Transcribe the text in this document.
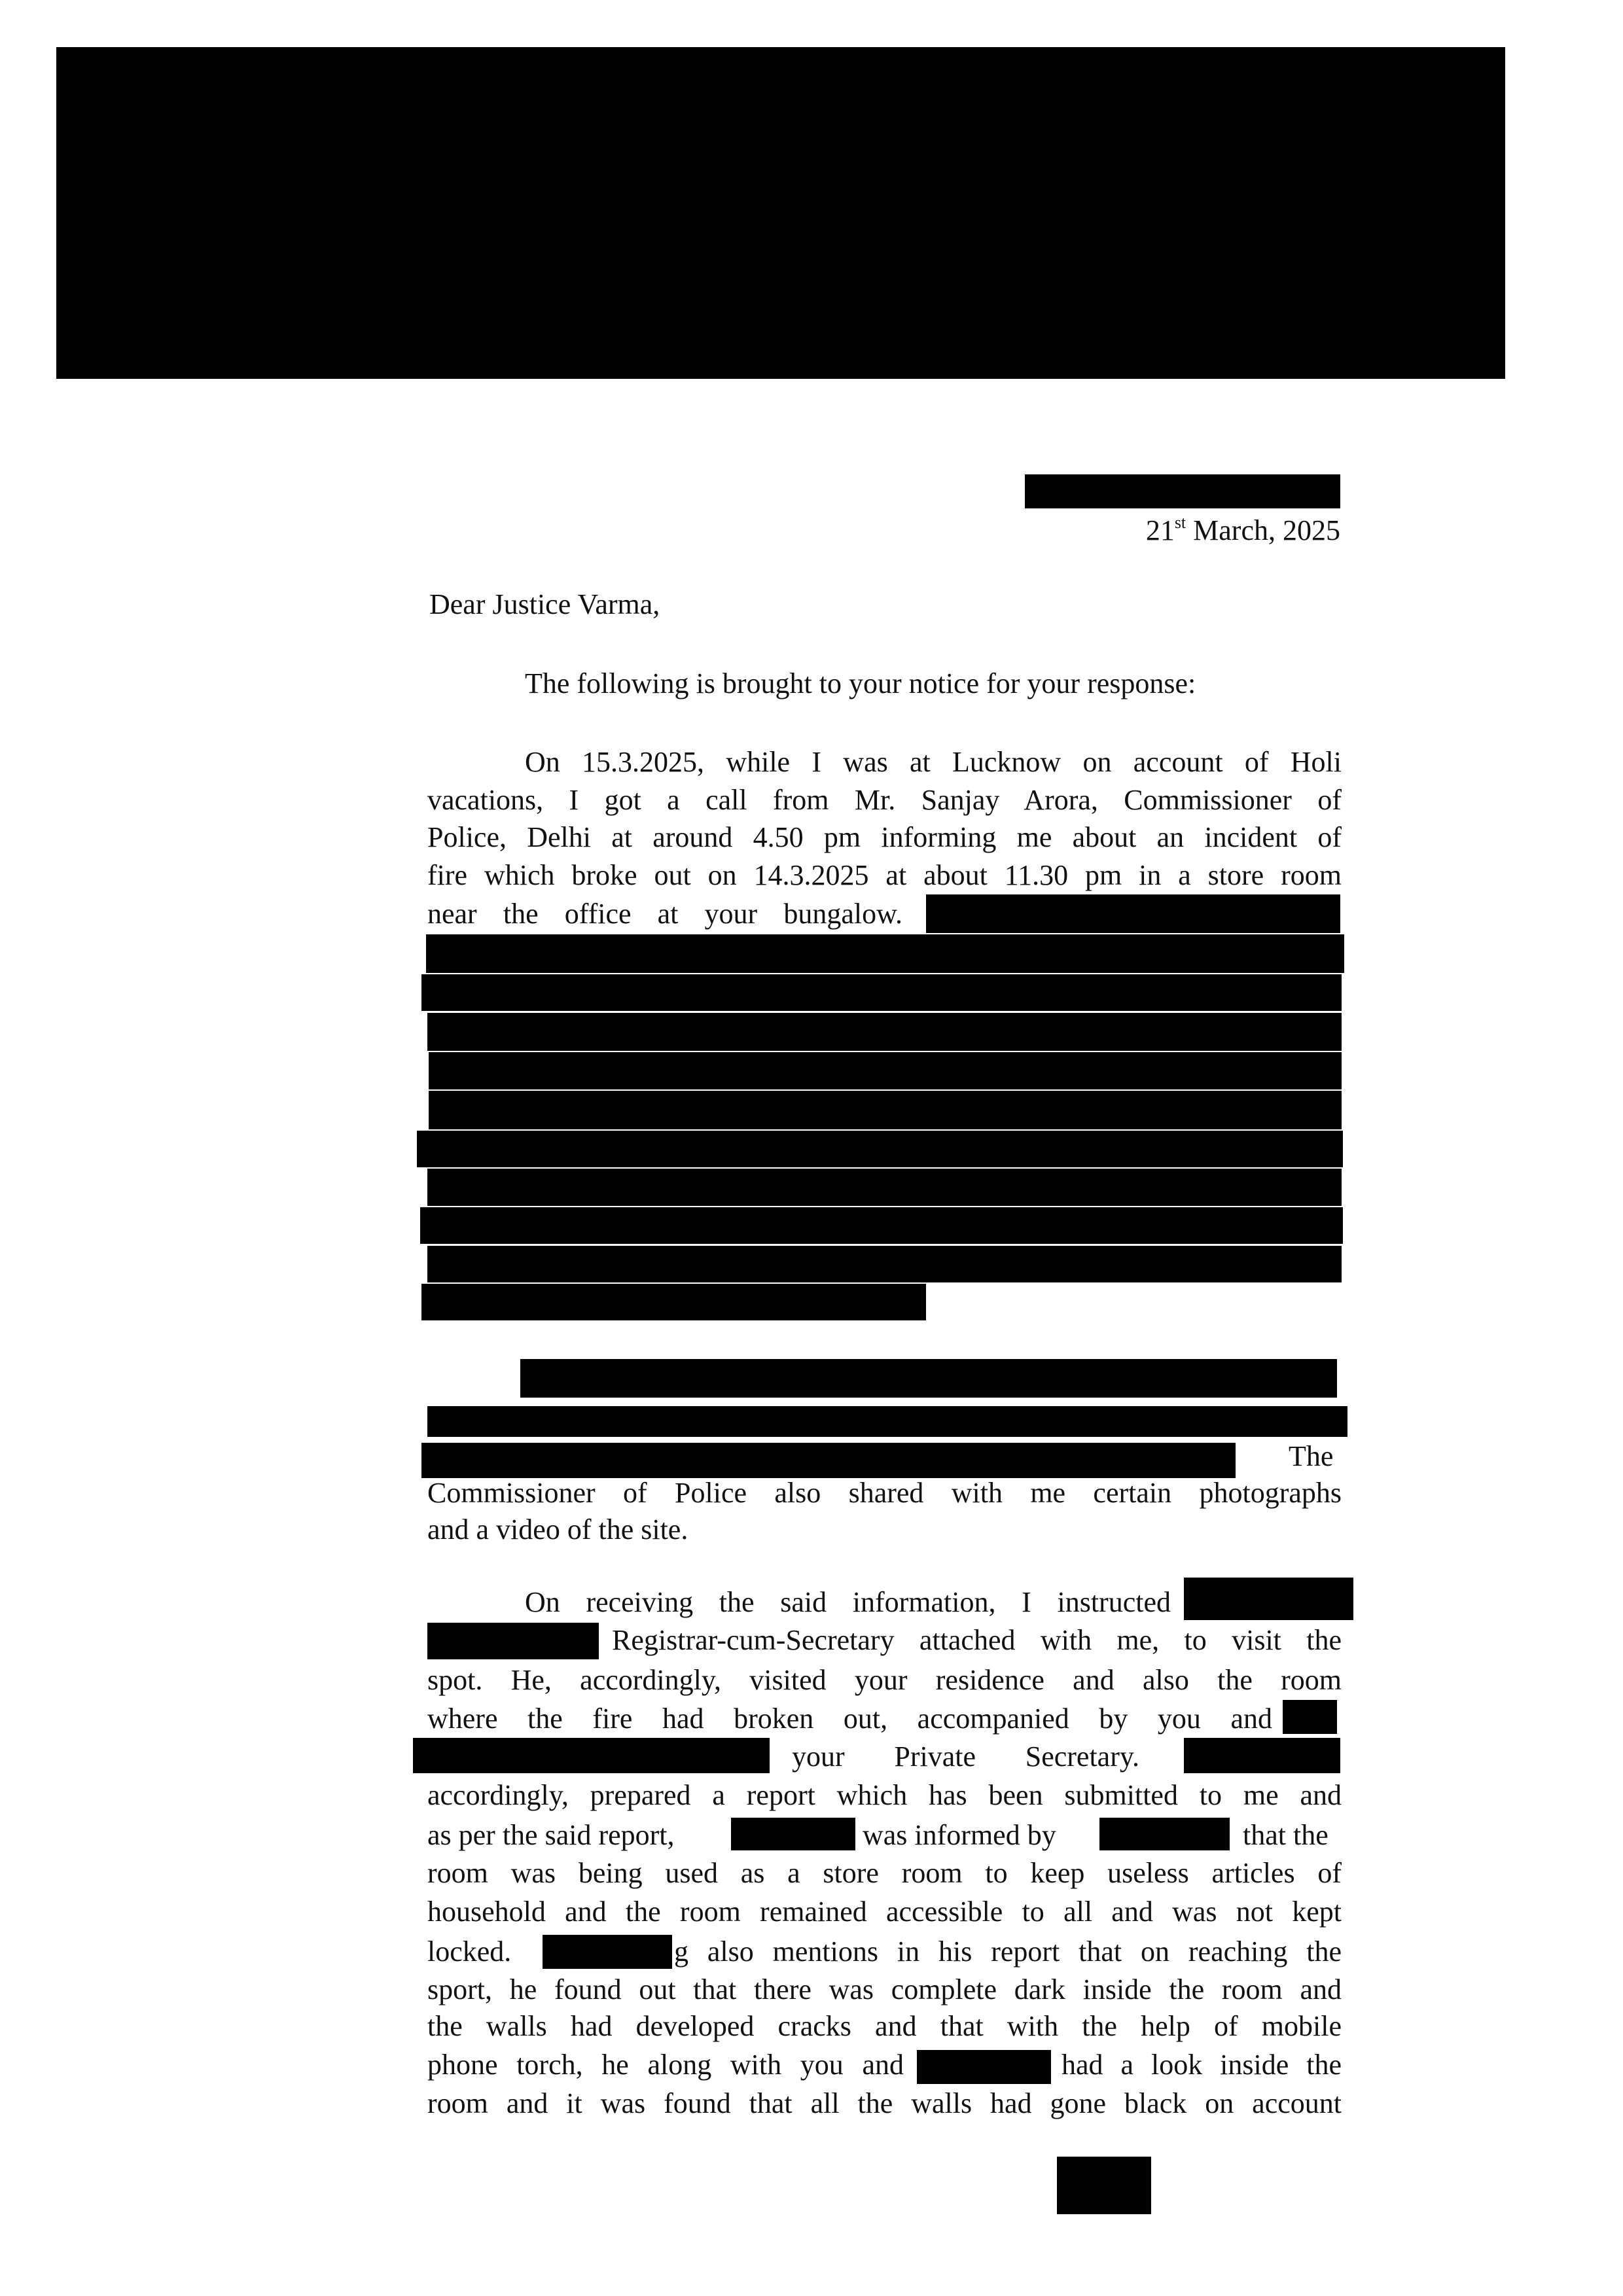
21st March, 2025
Dear Justice Varma,
The following is brought to your notice for your response:
On 15.3.2025, while I was at Lucknow on account of Holi
vacations, I got a call from Mr. Sanjay Arora, Commissioner of
Police, Delhi at around 4.50 pm informing me about an incident of
fire which broke out on 14.3.2025 at about 11.30 pm in a store room
near the office at your bungalow.
The
Commissioner of Police also shared with me certain photographs
and a video of the site.
On receiving the said information, I instructed
Registrar-cum-Secretary attached with me, to visit the
spot. He, accordingly, visited your residence and also the room
where the fire had broken out, accompanied by you and
your Private Secretary.
accordingly, prepared a report which has been submitted to me and
as per the said report,	was informed by	that the
room was being used as a store room to keep useless articles of
household and the room remained accessible to all and was not kept
locked.	g also mentions in his report that on reaching the
sport, he found out that there was complete dark inside the room and
the walls had developed cracks and that with the help of mobile
phone torch, he along with you and	had a look inside the
room and it was found that all the walls had gone black on account
